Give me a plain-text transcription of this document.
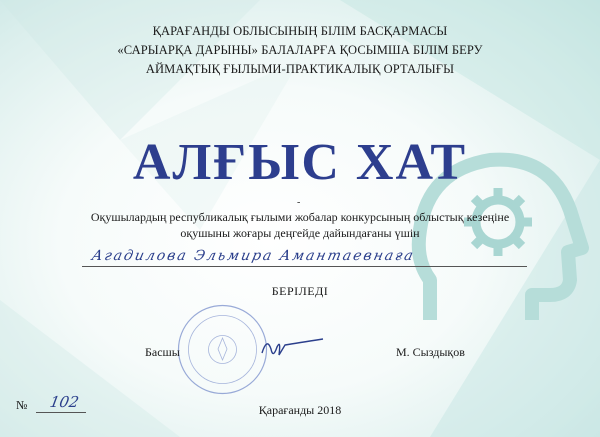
ҚАРАҒАНДЫ ОБЛЫСЫНЫҢ БІЛІМ БАСҚАРМАСЫ
«САРЫАРҚА ДАРЫНЫ» БАЛАЛАРҒА ҚОСЫМША БІЛІМ БЕРУ
АЙМАҚТЫҚ ҒЫЛЫМИ-ПРАКТИКАЛЫҚ ОРТАЛЫҒЫ
АЛҒЫС ХАТ
-
Оқушылардың республикалық ғылыми жобалар конкурсының облыстық кезеңіне
оқушыны жоғары деңгейде дайындағаны үшін
Агадилова Эльмира Амантаевнаға
БЕРІЛЕДІ
Басшы	М. Сыздықов
№ 102	Қарағанды 2018
